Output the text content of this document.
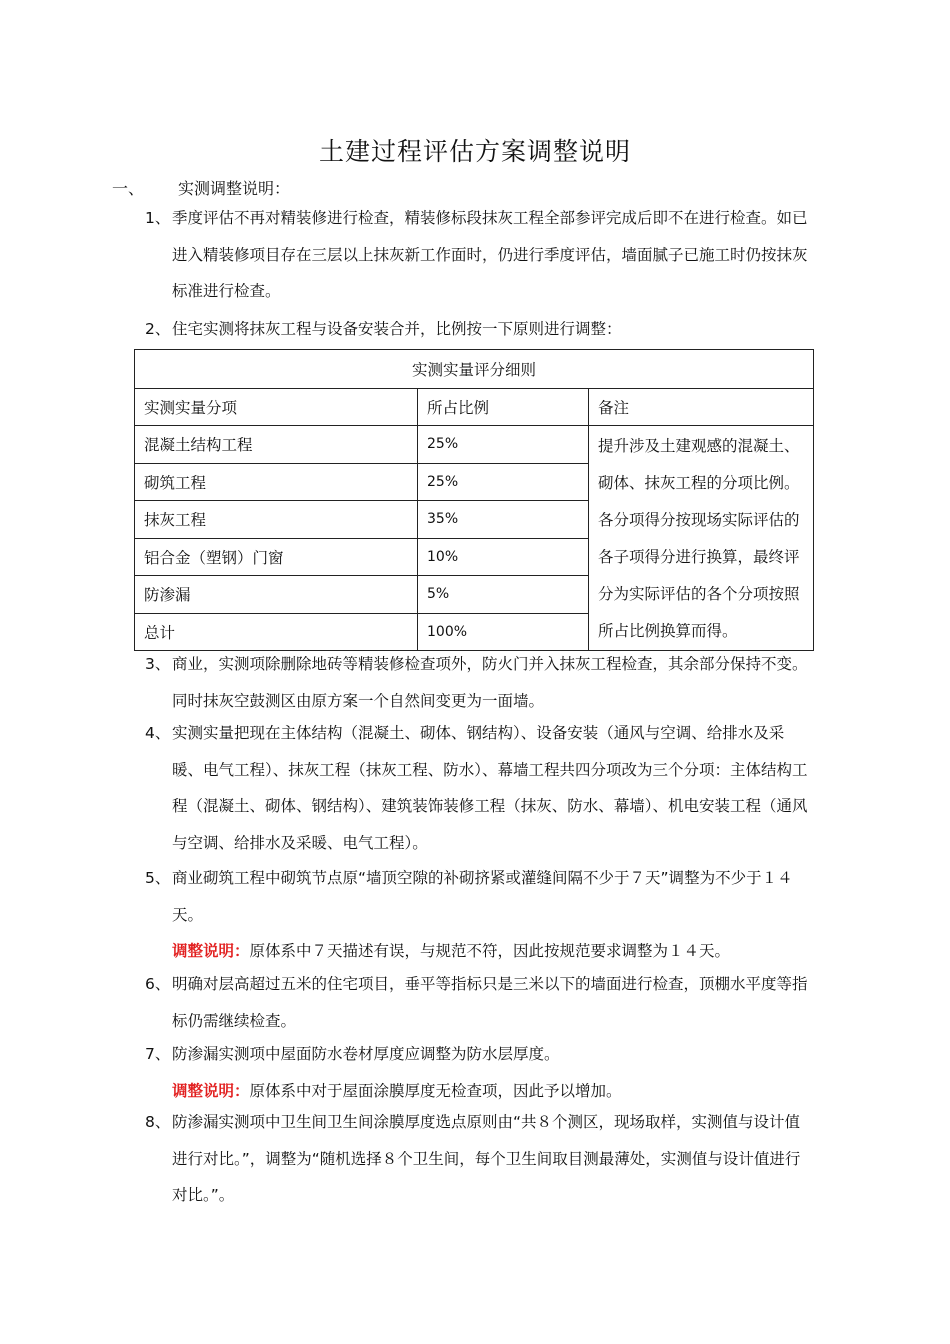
土建过程评估方案调整说明
一、 实测调整说明：
1、 季度评估不再对精装修进行检查，精装修标段抹灰工程全部参评完成后即不在进行检查。如已进入精装修项目存在三层以上抹灰新工作面时，仍进行季度评估，墙面腻子已施工时仍按抹灰标准进行检查。
2、 住宅实测将抹灰工程与设备安装合并，比例按一下原则进行调整：
实测实量评分细则		
实测实量分项	所占比例	备注
混凝土结构工程	25%	提升涉及土建观感的混凝土、砌体、抹灰工程的分项比例。各分项得分按现场实际评估的各子项得分进行换算，最终评分为实际评估的各个分项按照所占比例换算而得。
砌筑工程	25%	
抹灰工程	35%	
铝合金（塑钢）门窗	10%	
防渗漏	5%	
总计	100%	
3、 商业，实测项除删除地砖等精装修检查项外，防火门并入抹灰工程检查，其余部分保持不变。同时抹灰空鼓测区由原方案一个自然间变更为一面墙。
4、 实测实量把现在主体结构（混凝土、砌体、钢结构）、设备安装（通风与空调、给排水及采暖、电气工程）、抹灰工程（抹灰工程、防水）、幕墙工程共四分项改为三个分项：主体结构工程（混凝土、砌体、钢结构）、建筑装饰装修工程（抹灰、防水、幕墙）、机电安装工程（通风与空调、给排水及采暖、电气工程）。
5、 商业砌筑工程中砌筑节点原“墙顶空隙的补砌挤紧或灌缝间隔不少于７天”调整为不少于１４天。
调整说明：原体系中７天描述有误，与规范不符，因此按规范要求调整为１４天。
6、 明确对层高超过五米的住宅项目，垂平等指标只是三米以下的墙面进行检查，顶棚水平度等指标仍需继续检查。
7、 防渗漏实测项中屋面防水卷材厚度应调整为防水层厚度。
调整说明：原体系中对于屋面涂膜厚度无检查项，因此予以增加。
8、 防渗漏实测项中卫生间卫生间涂膜厚度选点原则由“共８个测区，现场取样，实测值与设计值进行对比。”，调整为“随机选择８个卫生间，每个卫生间取目测最薄处，实测值与设计值进行对比。”。
